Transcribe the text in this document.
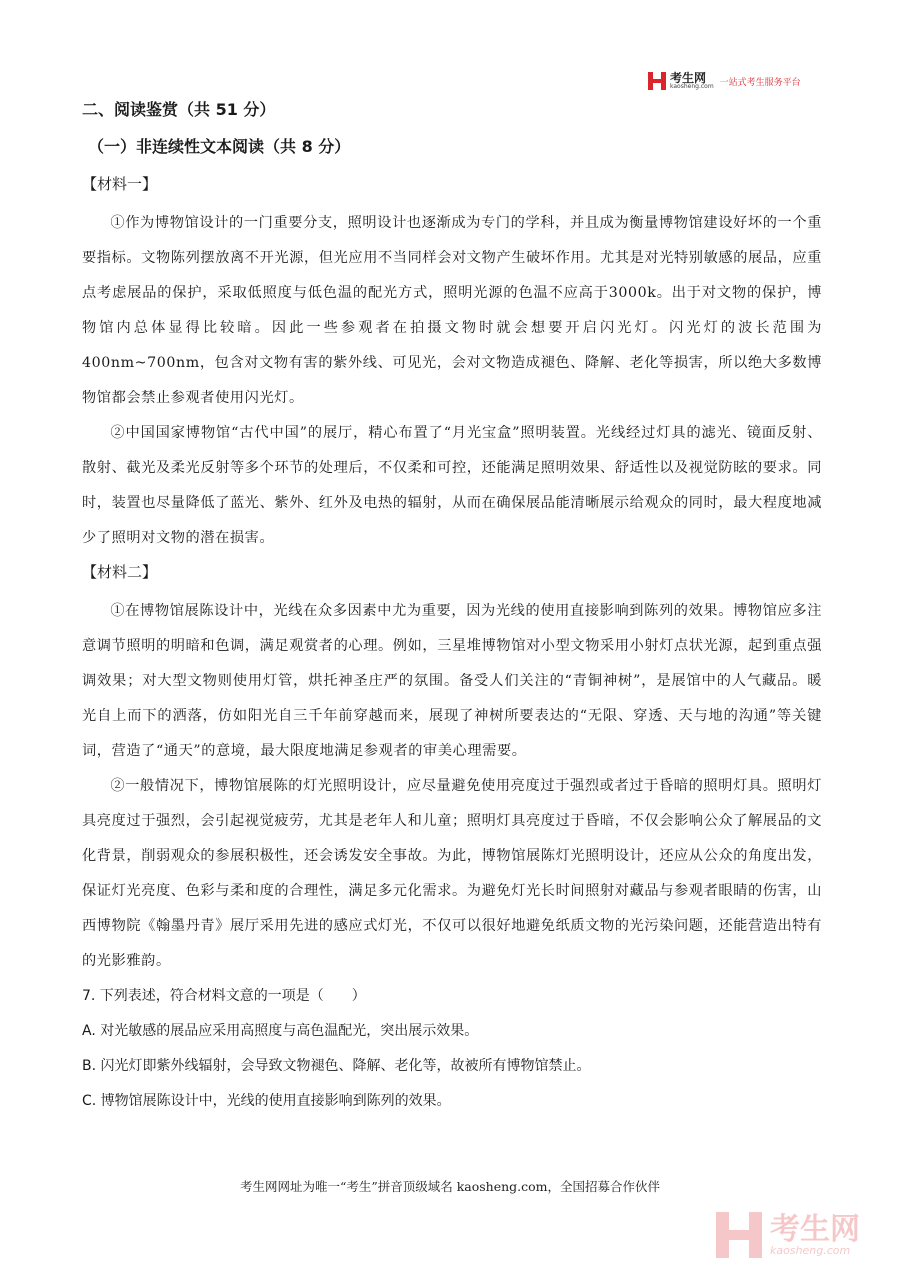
考生网
kaosheng.com 一站式考生服务平台
二、阅读鉴赏（共 51 分）
（一）非连续性文本阅读（共 8 分）
【材料一】

①作为博物馆设计的一门重要分支，照明设计也逐渐成为专门的学科，并且成为衡量博物馆建设好坏的一个重要指标。文物陈列摆放离不开光源，但光应用不当同样会对文物产生破坏作用。尤其是对光特别敏感的展品，应重点考虑展品的保护，采取低照度与低色温的配光方式，照明光源的色温不应高于3000k。出于对文物的保护，博物馆内总体显得比较暗。因此一些参观者在拍摄文物时就会想要开启闪光灯。闪光灯的波长范围为 400nm~700nm，包含对文物有害的紫外线、可见光，会对文物造成褪色、降解、老化等损害，所以绝大多数博物馆都会禁止参观者使用闪光灯。

②中国国家博物馆“古代中国”的展厅，精心布置了“月光宝盒”照明装置。光线经过灯具的滤光、镜面反射、散射、截光及柔光反射等多个环节的处理后，不仅柔和可控，还能满足照明效果、舒适性以及视觉防眩的要求。同时，装置也尽量降低了蓝光、紫外、红外及电热的辐射，从而在确保展品能清晰展示给观众的同时，最大程度地减少了照明对文物的潜在损害。

【材料二】

①在博物馆展陈设计中，光线在众多因素中尤为重要，因为光线的使用直接影响到陈列的效果。博物馆应多注意调节照明的明暗和色调，满足观赏者的心理。例如，三星堆博物馆对小型文物采用小射灯点状光源，起到重点强调效果；对大型文物则使用灯管，烘托神圣庄严的氛围。备受人们关注的“青铜神树”，是展馆中的人气藏品。暖光自上而下的洒落，仿如阳光自三千年前穿越而来，展现了神树所要表达的“无限、穿透、天与地的沟通”等关键词，营造了“通天”的意境，最大限度地满足参观者的审美心理需要。

②一般情况下，博物馆展陈的灯光照明设计，应尽量避免使用亮度过于强烈或者过于昏暗的照明灯具。照明灯具亮度过于强烈，会引起视觉疲劳，尤其是老年人和儿童；照明灯具亮度过于昏暗，不仅会影响公众了解展品的文化背景，削弱观众的参展积极性，还会诱发安全事故。为此，博物馆展陈灯光照明设计，还应从公众的角度出发，保证灯光亮度、色彩与柔和度的合理性，满足多元化需求。为避免灯光长时间照射对藏品与参观者眼睛的伤害，山西博物院《翰墨丹青》展厅采用先进的感应式灯光，不仅可以很好地避免纸质文物的光污染问题，还能营造出特有的光影雅韵。

7. 下列表述，符合材料文意的一项是（　　）

A. 对光敏感的展品应采用高照度与高色温配光，突出展示效果。

B. 闪光灯即紫外线辐射，会导致文物褪色、降解、老化等，故被所有博物馆禁止。

C. 博物馆展陈设计中，光线的使用直接影响到陈列的效果。

考生网网址为唯一“考生”拼音顶级域名 kaosheng.com，全国招募合作伙伴
考生网
kaosheng.com
